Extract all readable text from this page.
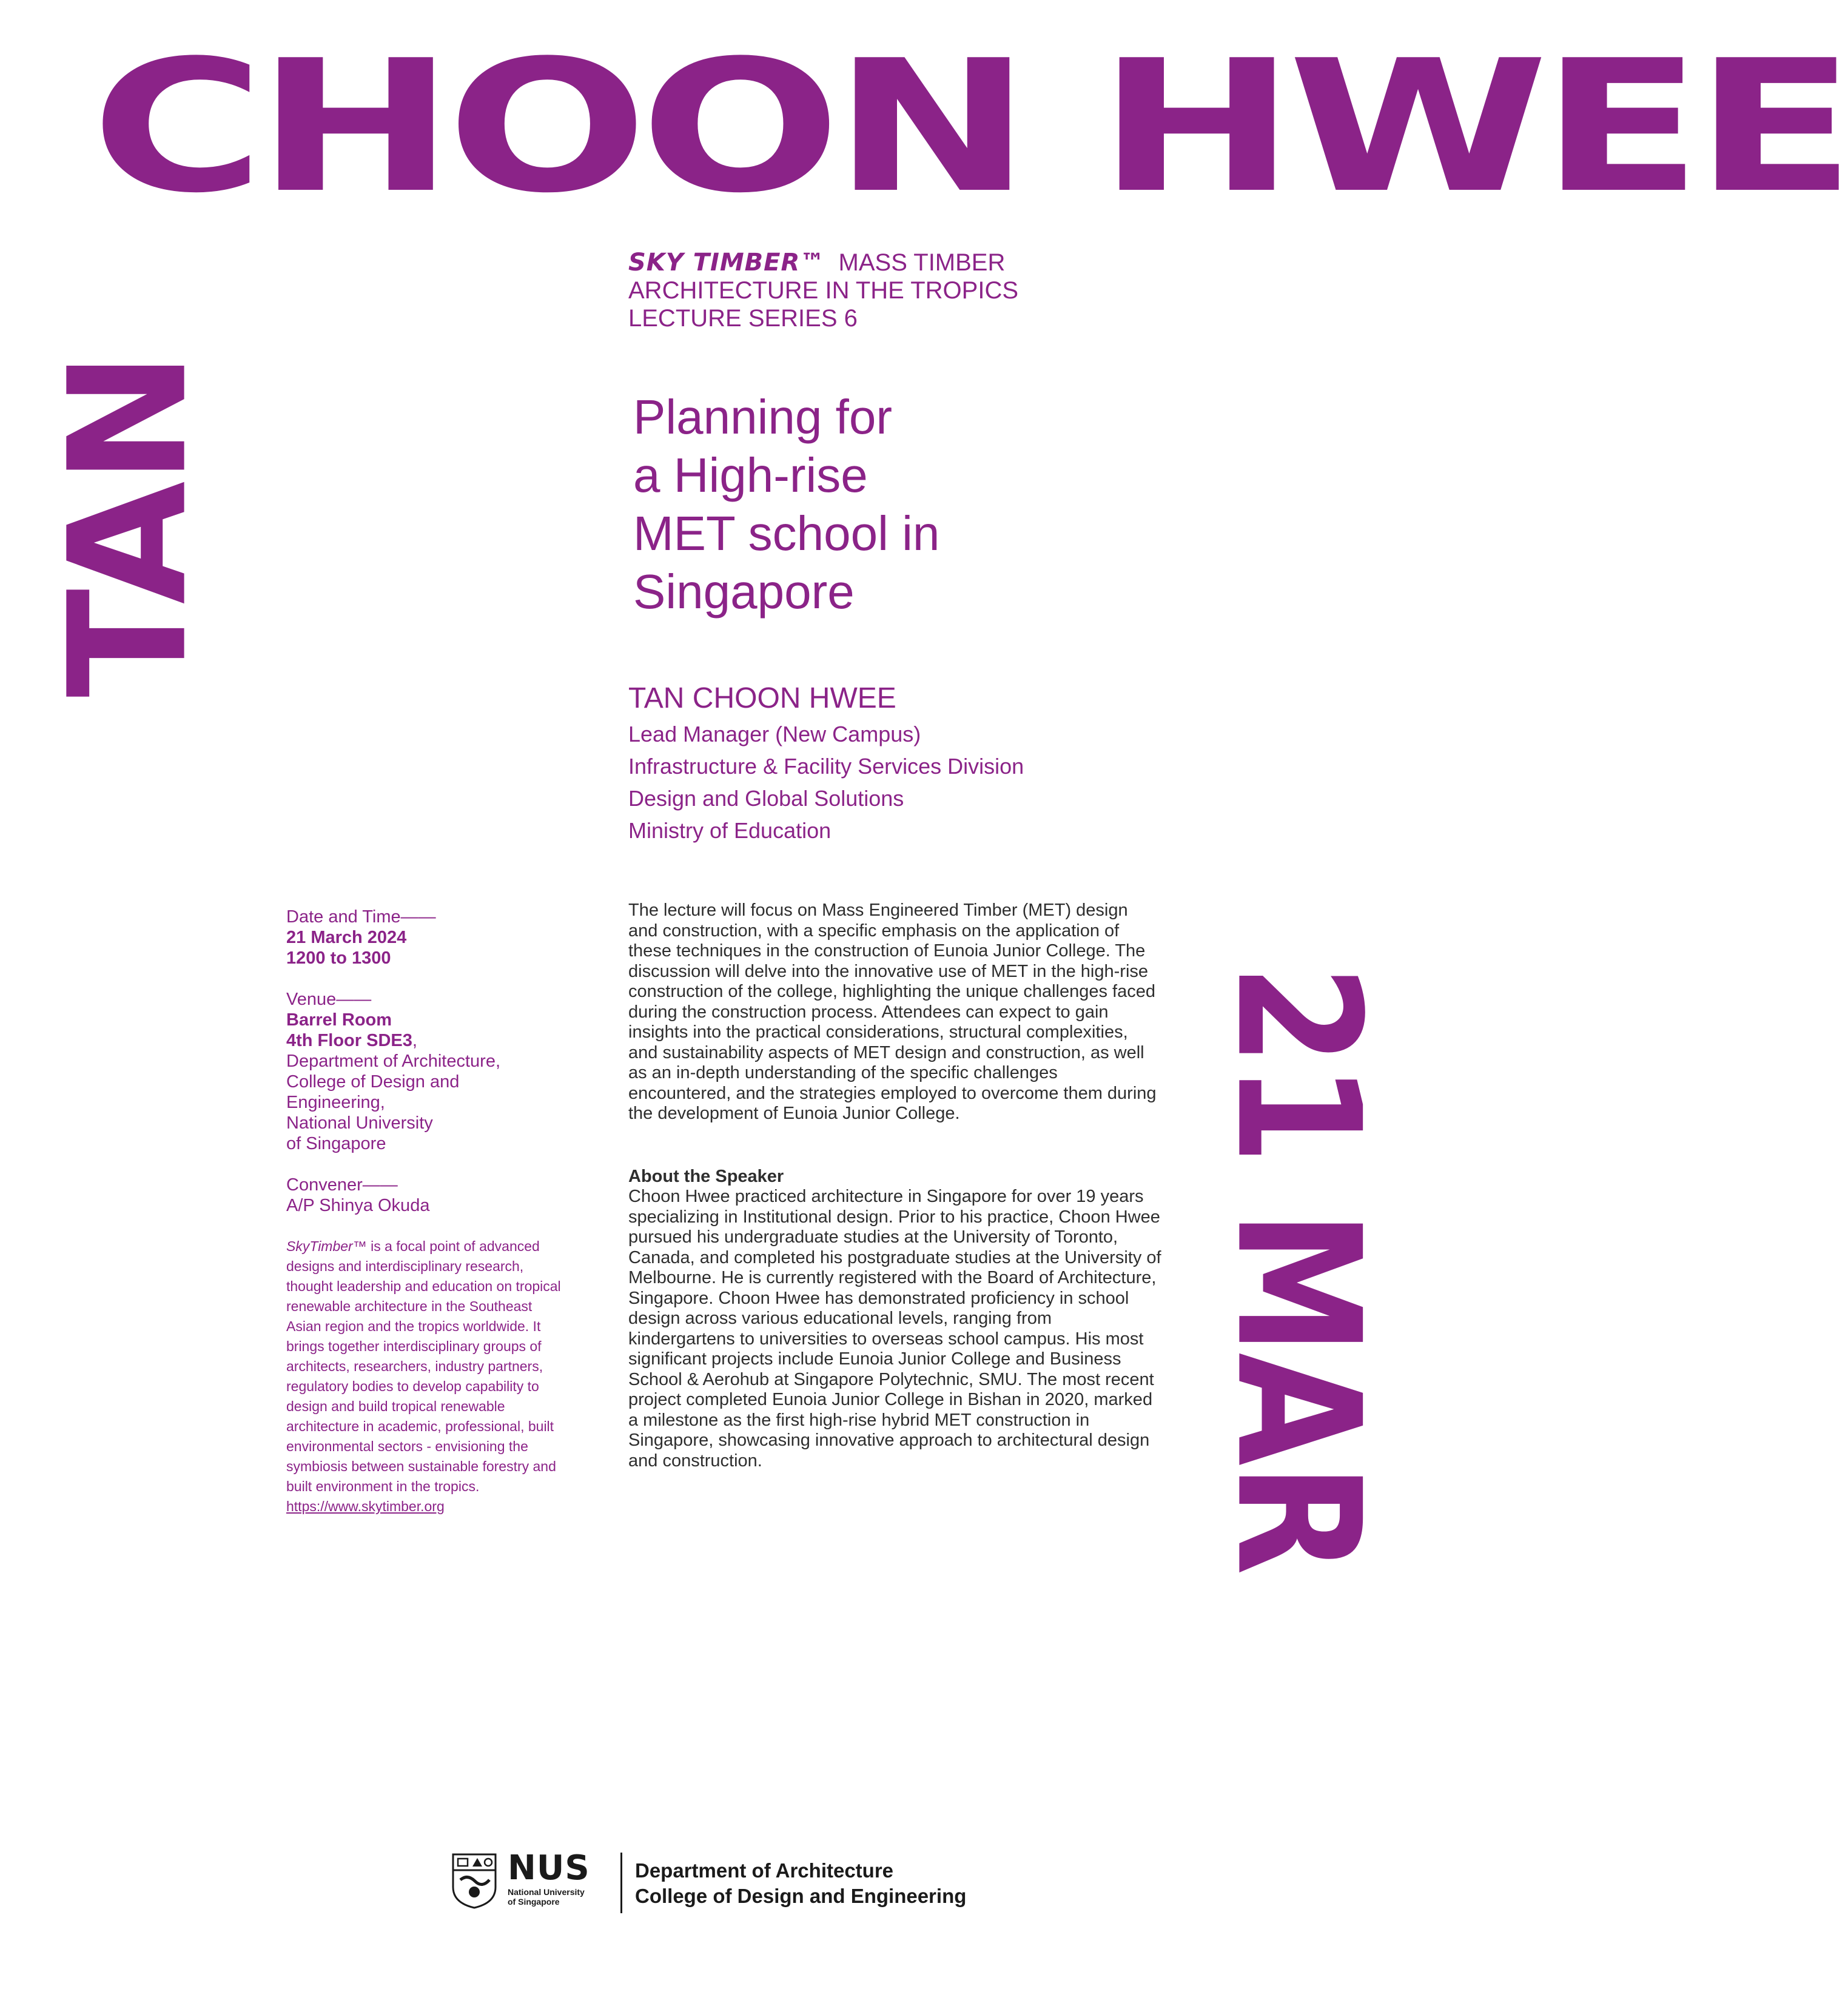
CHOON HWEE
TAN
21 MAR
SKY TIMBER™  MASS TIMBER
ARCHITECTURE IN THE TROPICS
LECTURE SERIES 6
Planning for
a High-rise
MET school in
Singapore
TAN CHOON HWEE
Lead Manager (New Campus)
Infrastructure & Facility Services Division
Design and Global Solutions
Ministry of Education
Date and Time——
21 March 2024
1200 to 1300
Venue——
Barrel Room
4th Floor SDE3,
Department of Architecture,
College of Design and
Engineering,
National University
of Singapore
Convener——
A/P Shinya Okuda
SkyTimber™ is a focal point of advanced designs and interdisciplinary research, thought leadership and education on tropical renewable architecture in the Southeast Asian region and the tropics worldwide. It brings together interdisciplinary groups of architects, researchers, industry partners, regulatory bodies to develop capability to design and build tropical renewable architecture in academic, professional, built environmental sectors - envisioning the symbiosis between sustainable forestry and built environment in the tropics.
https://www.skytimber.org

The lecture will focus on Mass Engineered Timber (MET) design and construction, with a specific emphasis on the application of these techniques in the construction of Eunoia Junior College. The discussion will delve into the innovative use of MET in the high-rise construction of the college, highlighting the unique challenges faced during the construction process. Attendees can expect to gain insights into the practical considerations, structural complexities, and sustainability aspects of MET design and construction, as well as an in-depth understanding of the specific challenges encountered, and the strategies employed to overcome them during the development of Eunoia Junior College.

About the Speaker

Choon Hwee practiced architecture in Singapore for over 19 years specializing in Institutional design. Prior to his practice, Choon Hwee pursued his undergraduate studies at the University of Toronto, Canada, and completed his postgraduate studies at the University of Melbourne. He is currently registered with the Board of Architecture, Singapore. Choon Hwee has demonstrated proficiency in school design across various educational levels, ranging from kindergartens to universities to overseas school campus. His most significant projects include Eunoia Junior College and Business School & Aerohub at Singapore Polytechnic, SMU. The most recent project completed Eunoia Junior College in Bishan in 2020, marked a milestone as the first high-rise hybrid MET construction in Singapore, showcasing innovative approach to architectural design and construction.

NUS
National University
of Singapore
Department of Architecture
College of Design and Engineering
